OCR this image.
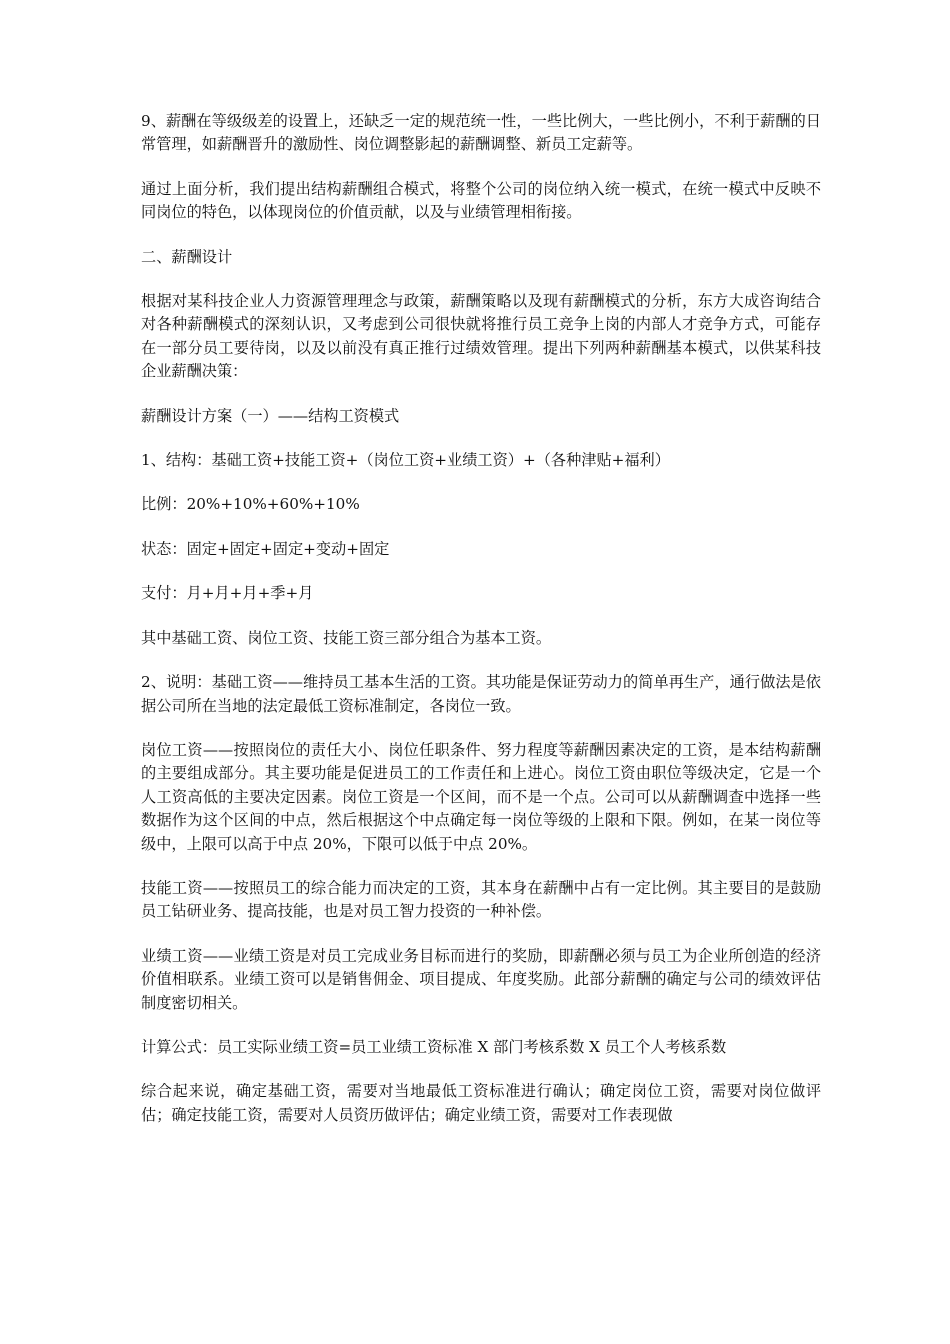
9、薪酬在等级级差的设置上，还缺乏一定的规范统一性，一些比例大，一些比例小，不利于薪酬的日常管理，如薪酬晋升的激励性、岗位调整影起的薪酬调整、新员工定薪等。

通过上面分析，我们提出结构薪酬组合模式，将整个公司的岗位纳入统一模式，在统一模式中反映不同岗位的特色，以体现岗位的价值贡献，以及与业绩管理相衔接。

二、薪酬设计

根据对某科技企业人力资源管理理念与政策，薪酬策略以及现有薪酬模式的分析，东方大成咨询结合对各种薪酬模式的深刻认识，又考虑到公司很快就将推行员工竞争上岗的内部人才竞争方式，可能存在一部分员工要待岗，以及以前没有真正推行过绩效管理。提出下列两种薪酬基本模式，以供某科技企业薪酬决策：

薪酬设计方案（一）——结构工资模式

1、结构：基础工资+技能工资+（岗位工资+业绩工资）+（各种津贴+福利）

比例：20%+10%+60%+10%

状态：固定+固定+固定+变动+固定

支付：月+月+月+季+月

其中基础工资、岗位工资、技能工资三部分组合为基本工资。

2、说明：基础工资——维持员工基本生活的工资。其功能是保证劳动力的简单再生产，通行做法是依据公司所在当地的法定最低工资标准制定，各岗位一致。

岗位工资——按照岗位的责任大小、岗位任职条件、努力程度等薪酬因素决定的工资，是本结构薪酬的主要组成部分。其主要功能是促进员工的工作责任和上进心。岗位工资由职位等级决定，它是一个人工资高低的主要决定因素。岗位工资是一个区间，而不是一个点。公司可以从薪酬调查中选择一些数据作为这个区间的中点，然后根据这个中点确定每一岗位等级的上限和下限。例如，在某一岗位等级中，上限可以高于中点 20%，下限可以低于中点 20%。

技能工资——按照员工的综合能力而决定的工资，其本身在薪酬中占有一定比例。其主要目的是鼓励员工钻研业务、提高技能，也是对员工智力投资的一种补偿。

业绩工资——业绩工资是对员工完成业务目标而进行的奖励，即薪酬必须与员工为企业所创造的经济价值相联系。业绩工资可以是销售佣金、项目提成、年度奖励。此部分薪酬的确定与公司的绩效评估制度密切相关。

计算公式：员工实际业绩工资=员工业绩工资标准 X 部门考核系数 X 员工个人考核系数

综合起来说，确定基础工资，需要对当地最低工资标准进行确认；确定岗位工资，需要对岗位做评估；确定技能工资，需要对人员资历做评估；确定业绩工资，需要对工作表现做
